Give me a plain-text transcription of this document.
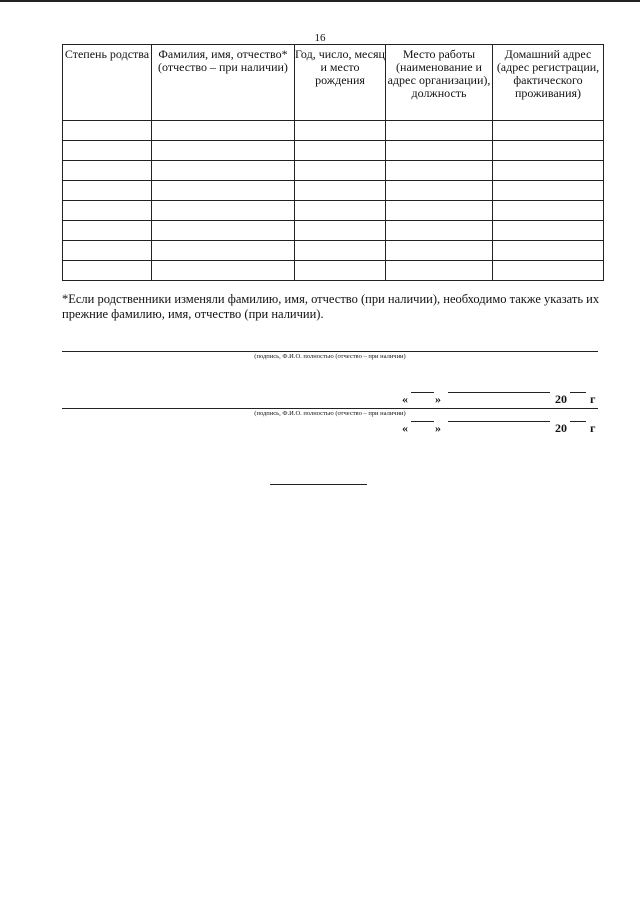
16
Степень родства	Фамилия, имя, отчество* (отчество – при наличии)	Год, число, месяц и место рождения	Место работы (наименование и адрес организации), должность	Домашний адрес (адрес регистрации, фактического проживания)

*Если родственники изменяли фамилию, имя, отчество (при наличии), необходимо также указать их прежние фамилию, имя, отчество (при наличии).
(подпись, Ф.И.О. полностью (отчество – при наличии)
« »	20 г
(подпись, Ф.И.О. полностью (отчество – при наличии)
« »	20 г
